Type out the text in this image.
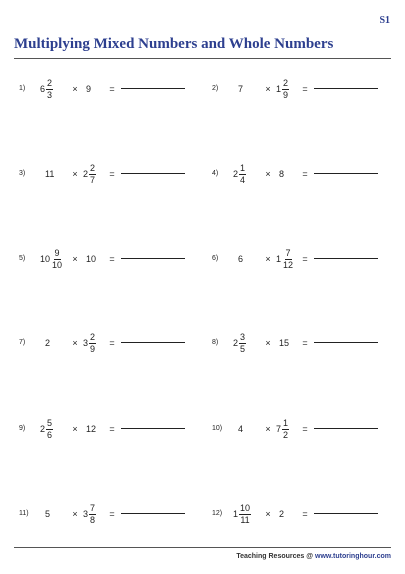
S1
Multiplying Mixed Numbers and Whole Numbers
1) $6 \frac{2}{3}$	× 9 =	2) 7	× $1 \frac{2}{9}$ =
3) 11	× $2 \frac{2}{7}$ =	4) $2 \frac{1}{4}$	× 8 =
5) $10 \frac{9}{10}$	× 10 =	6) 6	× $1 \frac{7}{12}$ =
7) 2	× $3 \frac{2}{9}$ =	8) $2 \frac{3}{5}$	× 15 =
9) $2 \frac{5}{6}$	× 12 =	10) 4	× $7 \frac{1}{2}$ =
11) 5	× $3 \frac{7}{8}$ =	12) $1 \frac{10}{11}$	× 2 =
Teaching Resources @ www.tutoringhour.com
